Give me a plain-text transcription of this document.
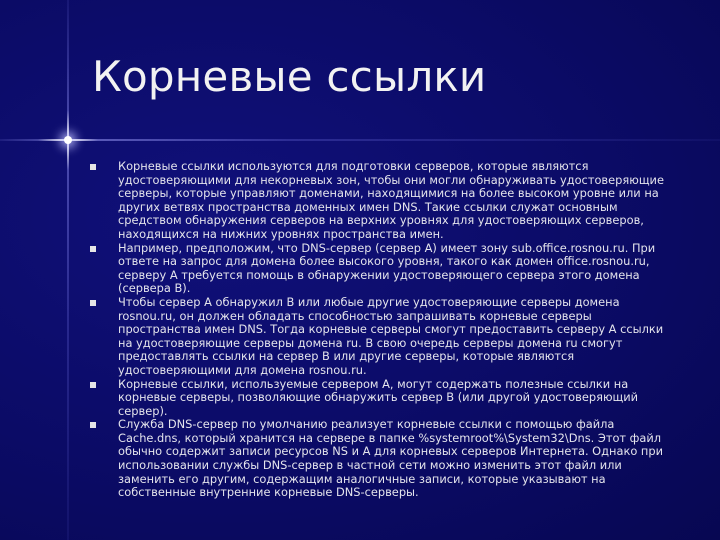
Корневые ссылки
Корневые ссылки используются для подготовки серверов, которые являются удостоверяющими для некорневых зон, чтобы они могли обнаруживать удостоверяющие серверы, которые управляют доменами, находящимися на более высоком уровне или на других ветвях пространства доменных имен DNS. Такие ссылки служат основным средством обнаружения серверов на верхних уровнях для удостоверяющих серверов, находящихся на нижних уровнях пространства имен.
Например, предположим, что DNS-сервер (сервер A) имеет зону sub.office.rosnou.ru. При ответе на запрос для домена более высокого уровня, такого как домен office.rosnou.ru, серверу A требуется помощь в обнаружении удостоверяющего сервера этого домена (сервера B).
Чтобы сервер A обнаружил B или любые другие удостоверяющие серверы домена rosnou.ru, он должен обладать способностью запрашивать корневые серверы пространства имен DNS. Тогда корневые серверы смогут предоставить серверу A ссылки на удостоверяющие серверы домена ru. В свою очередь серверы домена ru смогут предоставлять ссылки на сервер B или другие серверы, которые являются удостоверяющими для домена rosnou.ru.
Корневые ссылки, используемые сервером A, могут содержать полезные ссылки на корневые серверы, позволяющие обнаружить сервер B (или другой удостоверяющий сервер).
Служба DNS-сервер по умолчанию реализует корневые ссылки с помощью файла Cache.dns, который хранится на сервере в папке %systemroot%\System32\Dns. Этот файл обычно содержит записи ресурсов NS и A для корневых серверов Интернета. Однако при использовании службы DNS-сервер в частной сети можно изменить этот файл или заменить его другим, содержащим аналогичные записи, которые указывают на собственные внутренние корневые DNS-серверы.
